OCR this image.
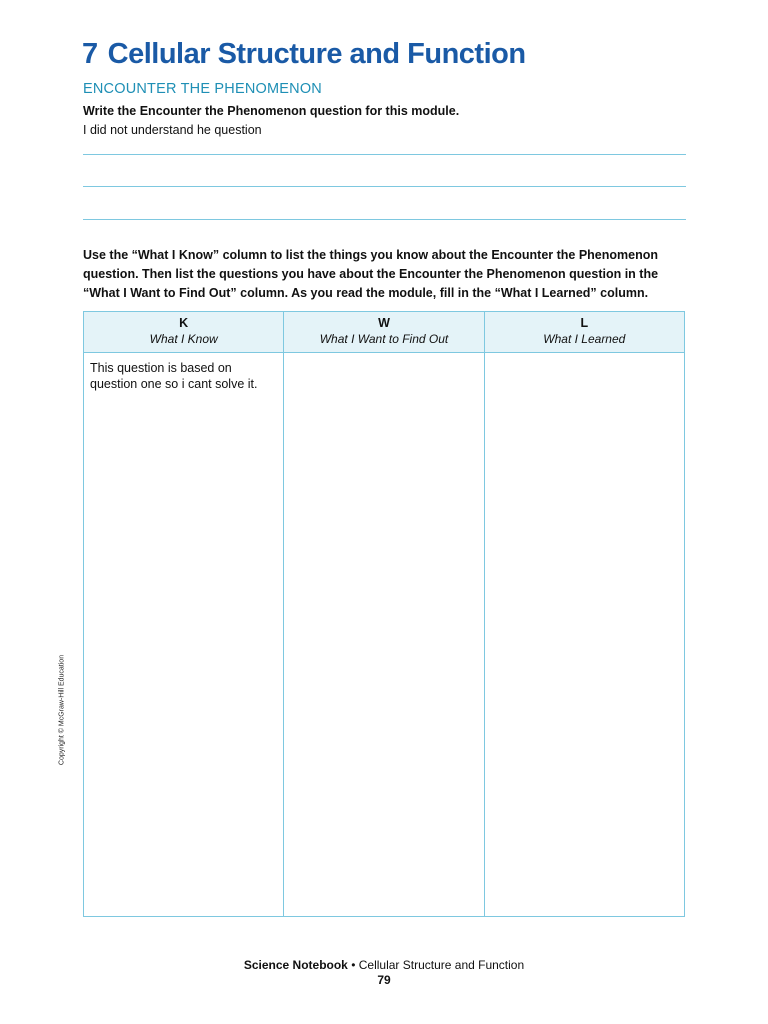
7 Cellular Structure and Function
ENCOUNTER THE PHENOMENON
Write the Encounter the Phenomenon question for this module.
I did not understand he question
Use the “What I Know” column to list the things you know about the Encounter the Phenomenon question. Then list the questions you have about the Encounter the Phenomenon question in the “What I Want to Find Out” column. As you read the module, fill in the “What I Learned” column.
K
What I Know
This question is based on question one so i cant solve it.
W
What I Want to Find Out
L
What I Learned
Copyright © McGraw-Hill Education
Science Notebook • Cellular Structure and Function
79
